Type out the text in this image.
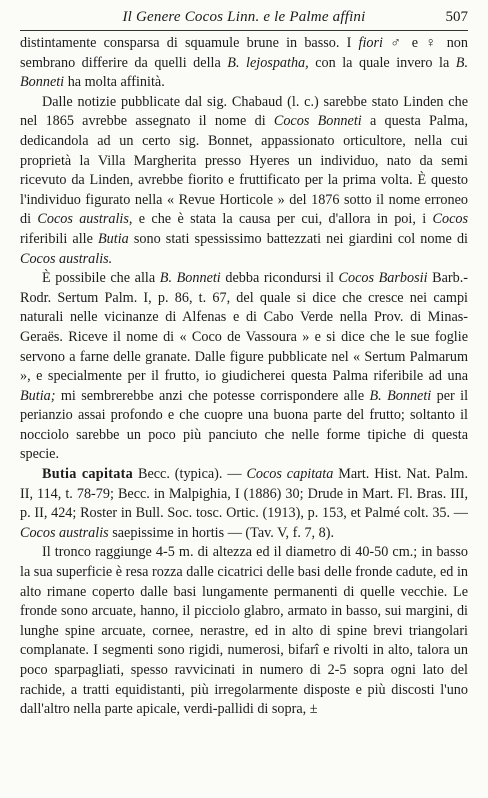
Il Genere Cocos Linn. e le Palme affini	507

distintamente consparsa di squamule brune in basso. I fiori ♂ e ♀ non sembrano differire da quelli della B. lejospatha, con la quale invero la B. Bonneti ha molta affinità.

Dalle notizie pubblicate dal sig. Chabaud (l. c.) sarebbe stato Linden che nel 1865 avrebbe assegnato il nome di Cocos Bonneti a questa Palma, dedicandola ad un certo sig. Bonnet, appassionato orticultore, nella cui proprietà la Villa Margherita presso Hyeres un individuo, nato da semi ricevuto da Linden, avrebbe fiorito e fruttificato per la prima volta. È questo l'individuo figurato nella « Revue Horticole » del 1876 sotto il nome erroneo di Cocos australis, e che è stata la causa per cui, d'allora in poi, i Cocos riferibili alle Butia sono stati spessissimo battezzati nei giardini col nome di Cocos australis.

È possibile che alla B. Bonneti debba ricondursi il Cocos Barbosii Barb.-Rodr. Sertum Palm. I, p. 86, t. 67, del quale si dice che cresce nei campi naturali nelle vicinanze di Alfenas e di Cabo Verde nella Prov. di Minas-Geraës. Riceve il nome di « Coco de Vassoura » e si dice che le sue foglie servono a farne delle granate. Dalle figure pubblicate nel « Sertum Palmarum », e specialmente per il frutto, io giudicherei questa Palma riferibile ad una Butia; mi sembrerebbe anzi che potesse corrispondere alle B. Bonneti per il perianzio assai profondo e che cuopre una buona parte del frutto; soltanto il nocciolo sarebbe un poco più panciuto che nelle forme tipiche di questa specie.

Butia capitata Becc. (typica). — Cocos capitata Mart. Hist. Nat. Palm. II, 114, t. 78-79; Becc. in Malpighia, I (1886) 30; Drude in Mart. Fl. Bras. III, p. II, 424; Roster in Bull. Soc. tosc. Ortic. (1913), p. 153, et Palmé colt. 35. — Cocos australis saepissime in hortis — (Tav. V, f. 7, 8).

Il tronco raggiunge 4-5 m. di altezza ed il diametro di 40-50 cm.; in basso la sua superficie è resa rozza dalle cicatrici delle basi delle fronde cadute, ed in alto rimane coperto dalle basi lungamente permanenti di quelle vecchie. Le fronde sono arcuate, hanno, il picciolo glabro, armato in basso, sui margini, di lunghe spine arcuate, cornee, nerastre, ed in alto di spine brevi triangolari complanate. I segmenti sono rigidi, numerosi, bifarî e rivolti in alto, talora un poco sparpagliati, spesso ravvicinati in numero di 2-5 sopra ogni lato del rachide, a tratti equidistanti, più irregolarmente disposte e più discosti l'uno dall'altro nella parte apicale, verdi-pallidi di sopra, ±
